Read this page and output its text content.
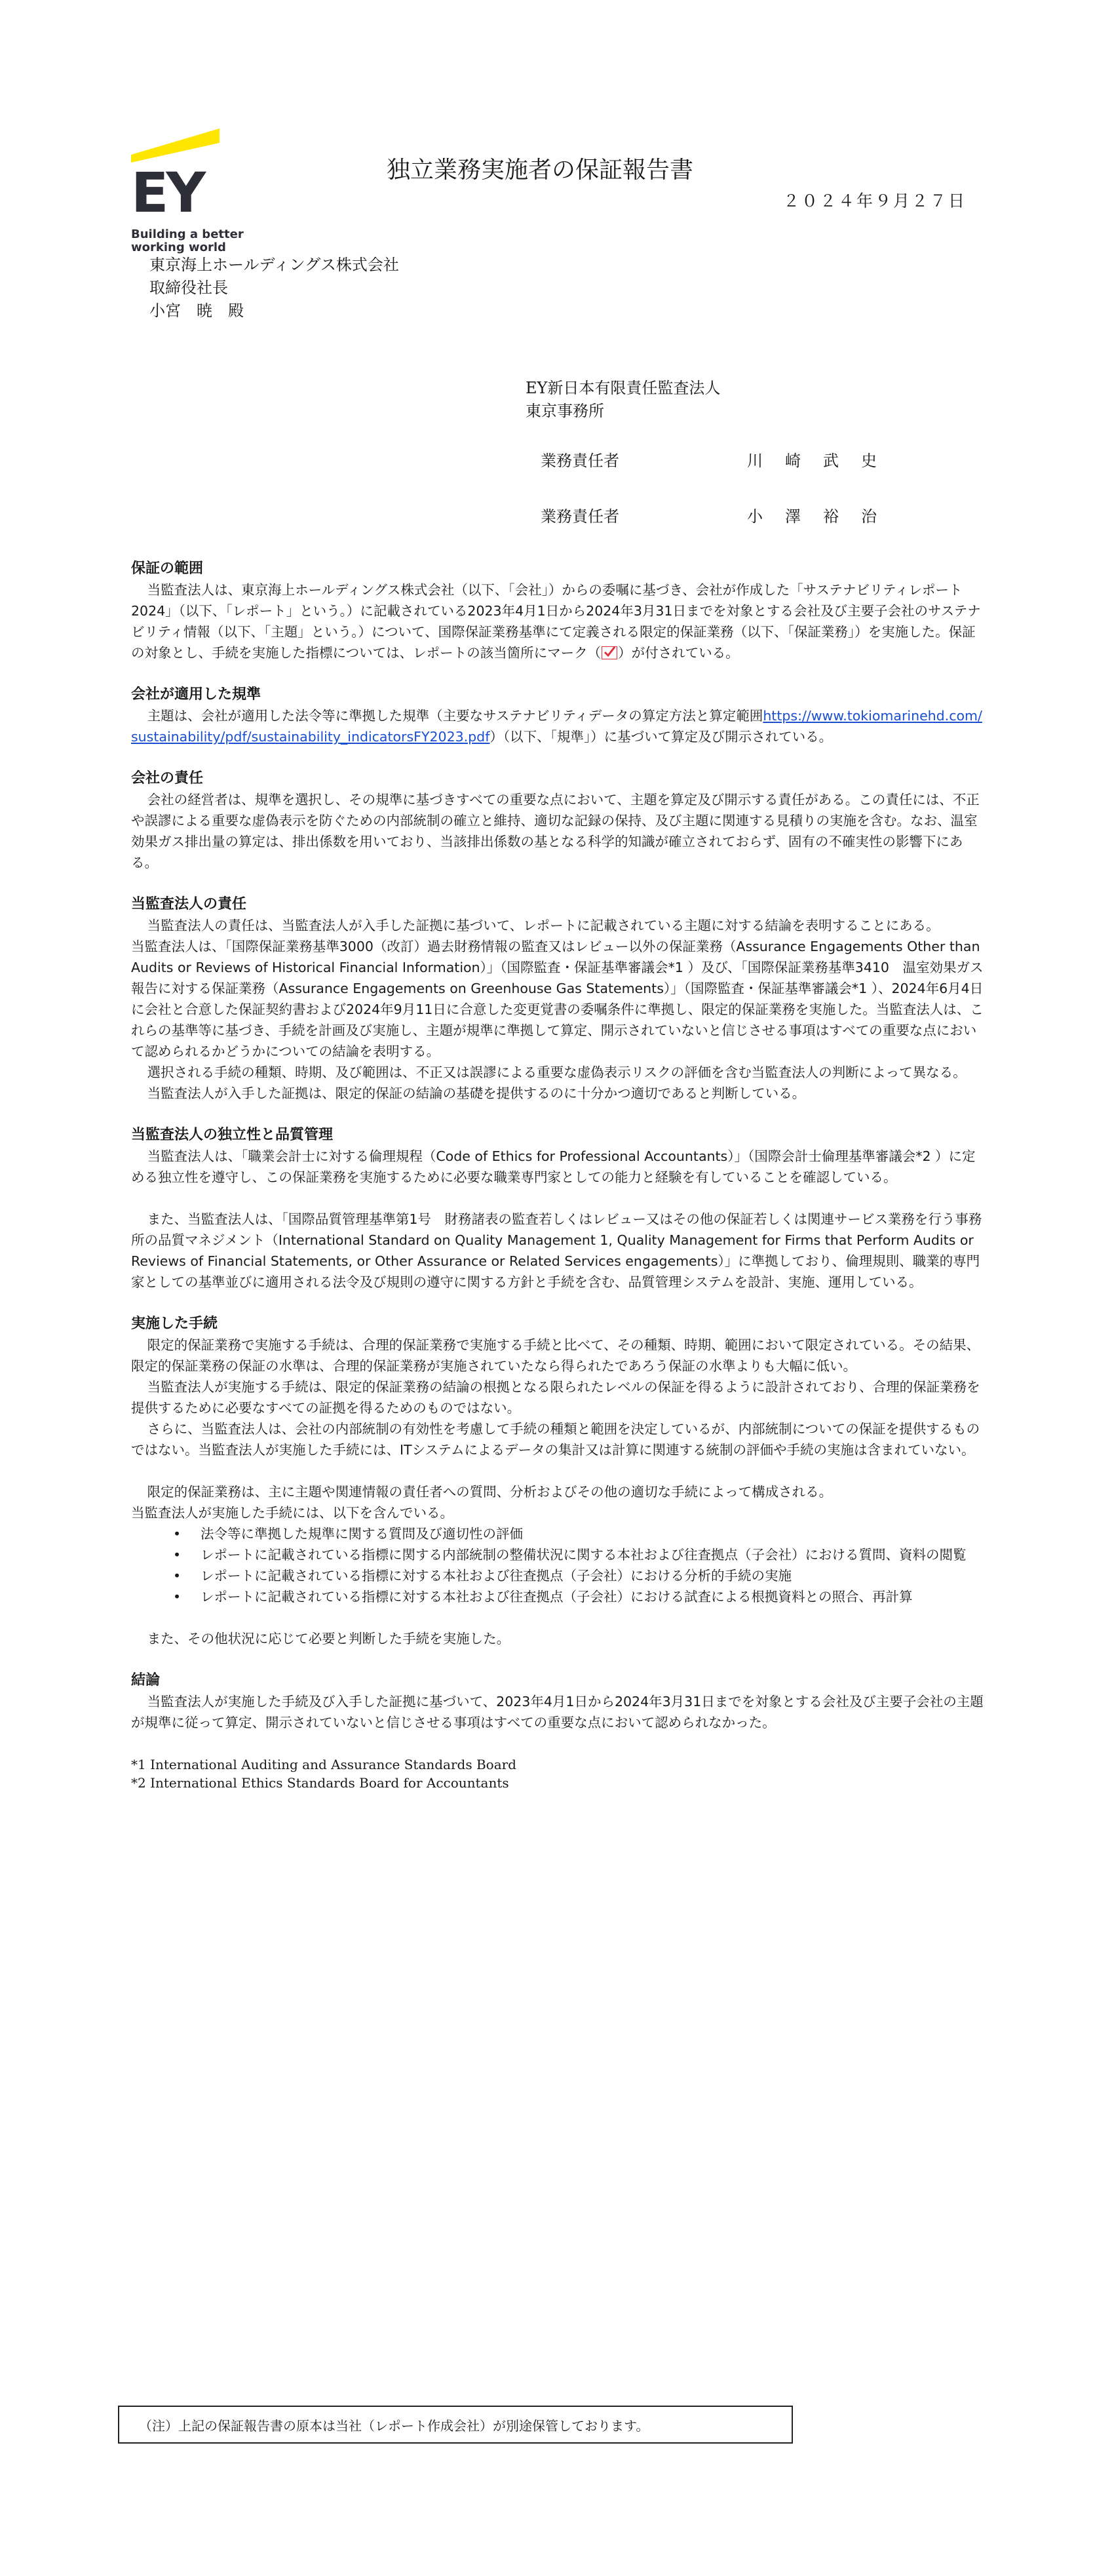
EY
Building a better
working world
独立業務実施者の保証報告書
２０２４年９月２７日
東京海上ホールディングス株式会社
取締役社長
小宮　暁　殿
EY新日本有限責任監査法人
東京事務所
業務責任者	川崎武史
業務責任者	小澤裕治
保証の範囲

当監査法人は、東京海上ホールディングス株式会社（以下、「会社」）からの委嘱に基づき、会社が作成した「サステナビリティレポート2024」（以下、「レポート」という。）に記載されている2023年4月1日から2024年3月31日までを対象とする会社及び主要子会社のサステナビリティ情報（以下、「主題」という。）について、国際保証業務基準にて定義される限定的保証業務（以下、「保証業務」）を実施した。保証の対象とし、手続を実施した指標については、レポートの該当箇所にマーク（ ）が付されている。

会社が適用した規準

主題は、会社が適用した法令等に準拠した規準（主要なサステナビリティデータの算定方法と算定範囲https://www.tokiomarinehd.com/sustainability/pdf/sustainability_indicatorsFY2023.pdf）（以下、「規準」）に基づいて算定及び開示されている。

会社の責任

会社の経営者は、規準を選択し、その規準に基づきすべての重要な点において、主題を算定及び開示する責任がある。この責任には、不正や誤謬による重要な虚偽表示を防ぐための内部統制の確立と維持、適切な記録の保持、及び主題に関連する見積りの実施を含む。なお、温室効果ガス排出量の算定は、排出係数を用いており、当該排出係数の基となる科学的知識が確立されておらず、固有の不確実性の影響下にある。

当監査法人の責任

当監査法人の責任は、当監査法人が入手した証拠に基づいて、レポートに記載されている主題に対する結論を表明することにある。

当監査法人は、「国際保証業務基準3000（改訂）過去財務情報の監査又はレビュー以外の保証業務（Assurance Engagements Other than Audits or Reviews of Historical Financial Information）」（国際監査・保証基準審議会*1 ）及び、「国際保証業務基準3410　温室効果ガス報告に対する保証業務（Assurance Engagements on Greenhouse Gas Statements）」（国際監査・保証基準審議会*1 ）、2024年6月4日に会社と合意した保証契約書および2024年9月11日に合意した変更覚書の委嘱条件に準拠し、限定的保証業務を実施した。当監査法人は、これらの基準等に基づき、手続を計画及び実施し、主題が規準に準拠して算定、開示されていないと信じさせる事項はすべての重要な点において認められるかどうかについての結論を表明する。

選択される手続の種類、時期、及び範囲は、不正又は誤謬による重要な虚偽表示リスクの評価を含む当監査法人の判断によって異なる。

当監査法人が入手した証拠は、限定的保証の結論の基礎を提供するのに十分かつ適切であると判断している。

当監査法人の独立性と品質管理

当監査法人は、「職業会計士に対する倫理規程（Code of Ethics for Professional Accountants）」（国際会計士倫理基準審議会*2 ）に定める独立性を遵守し、この保証業務を実施するために必要な職業専門家としての能力と経験を有していることを確認している。

また、当監査法人は、「国際品質管理基準第1号　財務諸表の監査若しくはレビュー又はその他の保証若しくは関連サービス業務を行う事務所の品質マネジメント（International Standard on Quality Management 1, Quality Management for Firms that Perform Audits or Reviews of Financial Statements, or Other Assurance or Related Services engagements）」に準拠しており、倫理規則、職業的専門家としての基準並びに適用される法令及び規則の遵守に関する方針と手続を含む、品質管理システムを設計、実施、運用している。

実施した手続

限定的保証業務で実施する手続は、合理的保証業務で実施する手続と比べて、その種類、時期、範囲において限定されている。その結果、限定的保証業務の保証の水準は、合理的保証業務が実施されていたなら得られたであろう保証の水準よりも大幅に低い。

当監査法人が実施する手続は、限定的保証業務の結論の根拠となる限られたレベルの保証を得るように設計されており、合理的保証業務を提供するために必要なすべての証拠を得るためのものではない。

さらに、当監査法人は、会社の内部統制の有効性を考慮して手続の種類と範囲を決定しているが、内部統制についての保証を提供するものではない。当監査法人が実施した手続には、ITシステムによるデータの集計又は計算に関連する統制の評価や手続の実施は含まれていない。

限定的保証業務は、主に主題や関連情報の責任者への質問、分析およびその他の適切な手続によって構成される。

当監査法人が実施した手続には、以下を含んでいる。

• 法令等に準拠した規準に関する質問及び適切性の評価
• レポートに記載されている指標に関する内部統制の整備状況に関する本社および往査拠点（子会社）における質問、資料の閲覧
• レポートに記載されている指標に対する本社および往査拠点（子会社）における分析的手続の実施
• レポートに記載されている指標に対する本社および往査拠点（子会社）における試査による根拠資料との照合、再計算

また、その他状況に応じて必要と判断した手続を実施した。

結論

当監査法人が実施した手続及び入手した証拠に基づいて、2023年4月1日から2024年3月31日までを対象とする会社及び主要子会社の主題が規準に従って算定、開示されていないと信じさせる事項はすべての重要な点において認められなかった。

*1 International Auditing and Assurance Standards Board
*2 International Ethics Standards Board for Accountants
（注）上記の保証報告書の原本は当社（レポート作成会社）が別途保管しております。
